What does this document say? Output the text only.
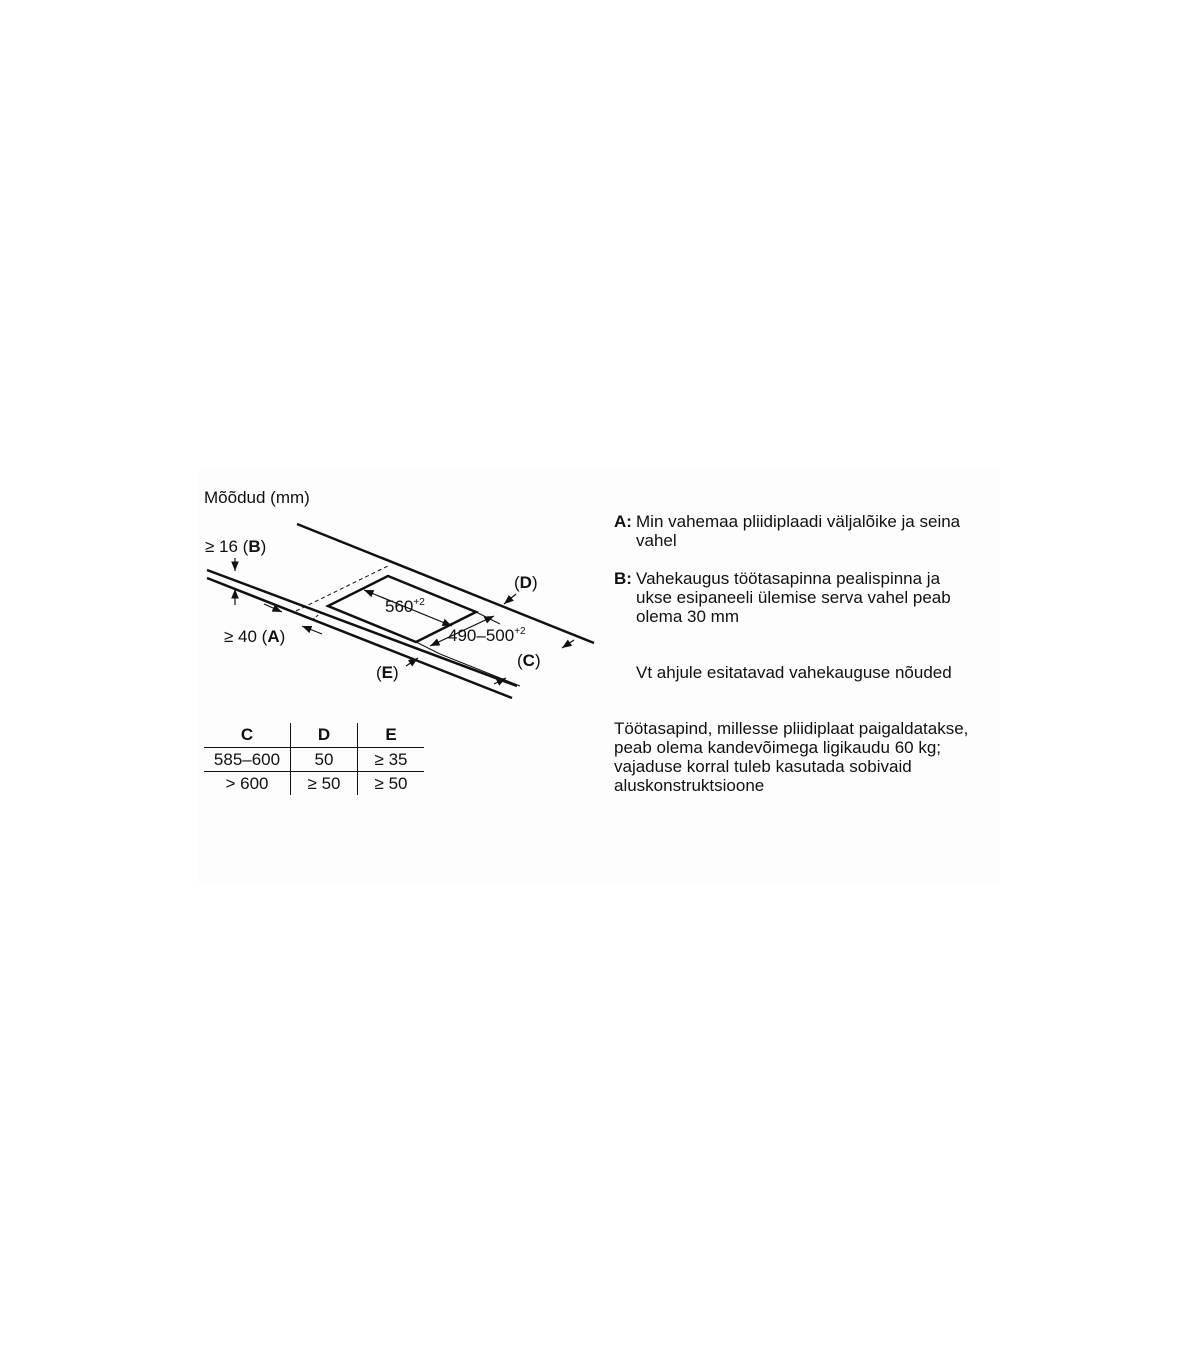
Mõõdud (mm)
≥ 16 (B)
≥ 40 (A)
(D)
(C)
(E)
$560^{+2}$
$490-500^{+2}$
C	D	E
585–600	50	≥ 35
> 600	≥ 50	≥ 50
A: Min vahemaa pliidiplaadi väljalõike ja seina vahel
B: Vahekaugus töötasapinna pealispinna ja ukse esipaneeli ülemise serva vahel peab olema 30 mm
Vt ahjule esitatavad vahekauguse nõuded
Töötasapind, millesse pliidiplaat paigaldatakse, peab olema kandevõimega ligikaudu 60 kg; vajaduse korral tuleb kasutada sobivaid aluskonstruktsioone
